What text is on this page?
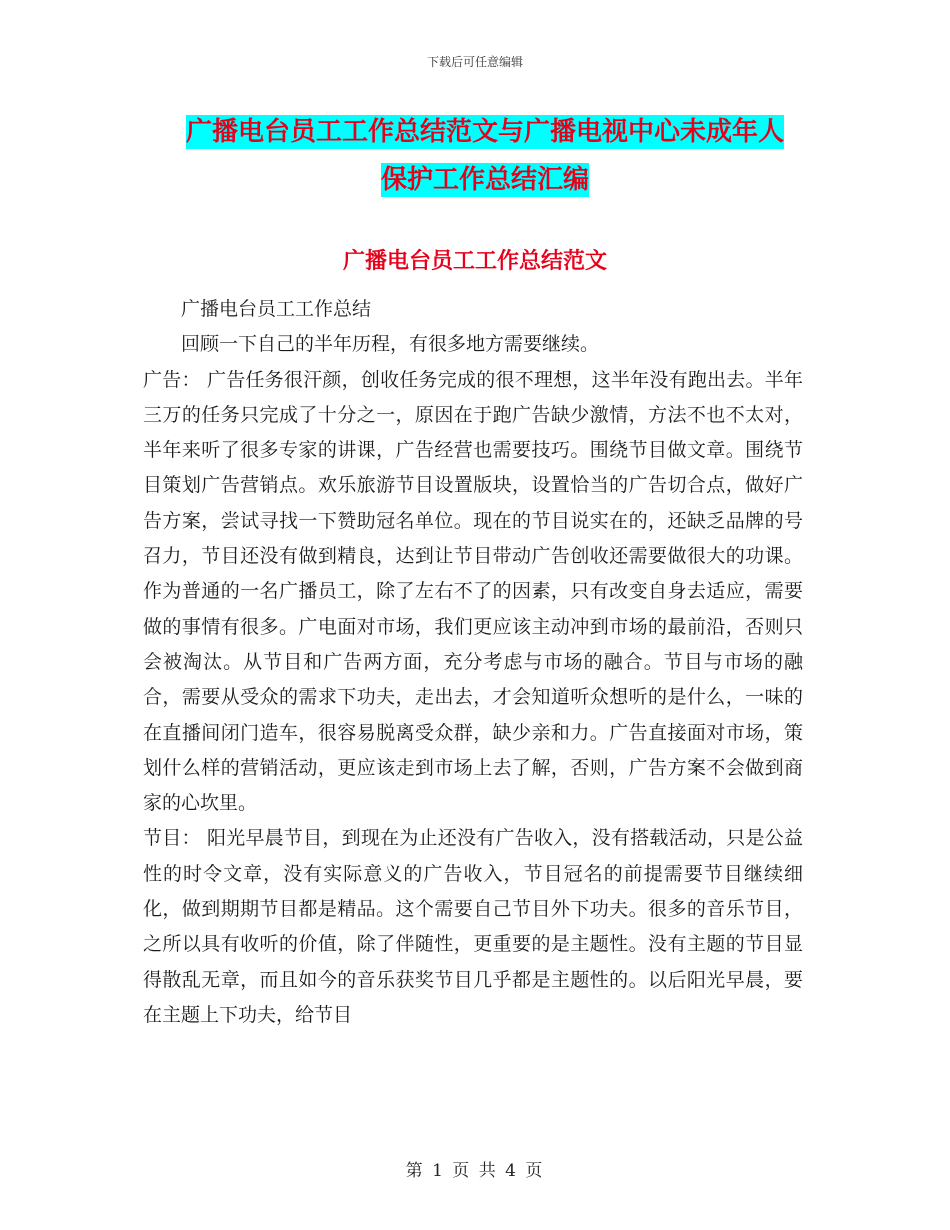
下载后可任意编辑
广播电台员工工作总结范文与广播电视中心未成年人
保护工作总结汇编
广播电台员工工作总结范文

广播电台员工工作总结

回顾一下自己的半年历程，有很多地方需要继续。

广告： 广告任务很汗颜，创收任务完成的很不理想，这半年没有跑出去。半年三万的任务只完成了十分之一，原因在于跑广告缺少激情，方法不也不太对，半年来听了很多专家的讲课，广告经营也需要技巧。围绕节目做文章。围绕节目策划广告营销点。欢乐旅游节目设置版块，设置恰当的广告切合点，做好广告方案，尝试寻找一下赞助冠名单位。现在的节目说实在的，还缺乏品牌的号召力，节目还没有做到精良，达到让节目带动广告创收还需要做很大的功课。作为普通的一名广播员工，除了左右不了的因素，只有改变自身去适应，需要做的事情有很多。广电面对市场，我们更应该主动冲到市场的最前沿，否则只会被淘汰。从节目和广告两方面，充分考虑与市场的融合。节目与市场的融合，需要从受众的需求下功夫，走出去，才会知道听众想听的是什么，一味的在直播间闭门造车，很容易脱离受众群，缺少亲和力。广告直接面对市场，策划什么样的营销活动，更应该走到市场上去了解，否则，广告方案不会做到商家的心坎里。

节目： 阳光早晨节目，到现在为止还没有广告收入，没有搭载活动，只是公益性的时令文章，没有实际意义的广告收入，节目冠名的前提需要节目继续细化，做到期期节目都是精品。这个需要自己节目外下功夫。很多的音乐节目，之所以具有收听的价值，除了伴随性，更重要的是主题性。没有主题的节目显得散乱无章，而且如今的音乐获奖节目几乎都是主题性的。以后阳光早晨，要在主题上下功夫，给节目

第 1 页 共 4 页
